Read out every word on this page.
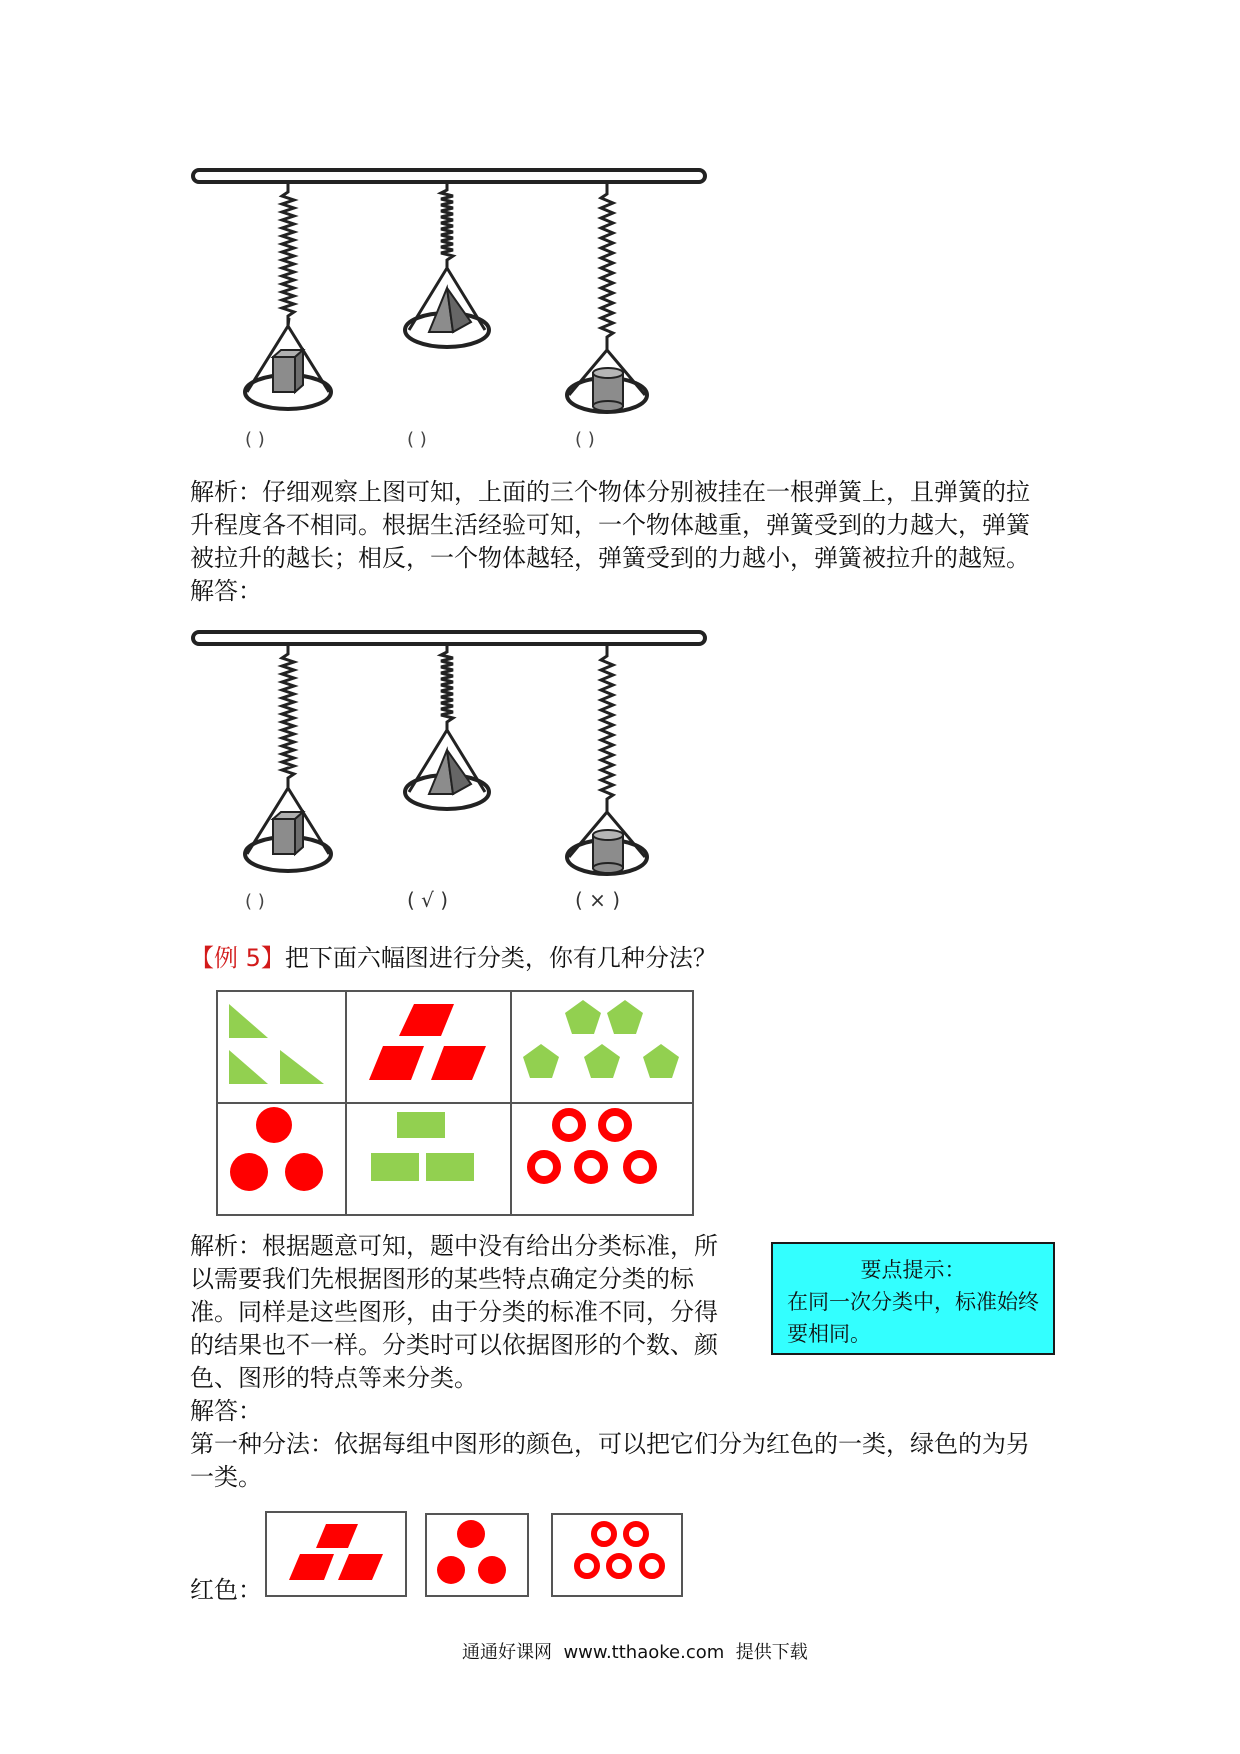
( )	( )	( )
解析：仔细观察上图可知，上面的三个物体分别被挂在一根弹簧上，且弹簧的拉
升程度各不相同。根据生活经验可知，一个物体越重，弹簧受到的力越大，弹簧
被拉升的越长；相反，一个物体越轻，弹簧受到的力越小，弹簧被拉升的越短。
解答：
( )	( √ )	( × )
【例 5】把下面六幅图进行分类，你有几种分法？
解析：根据题意可知，题中没有给出分类标准，所
以需要我们先根据图形的某些特点确定分类的标
准。同样是这些图形，由于分类的标准不同，分得
的结果也不一样。分类时可以依据图形的个数、颜
色、图形的特点等来分类。
解答：
第一种分法：依据每组中图形的颜色，可以把它们分为红色的一类，绿色的为另
一类。
要点提示：
在同一次分类中，标准始终要相同。
红色：
通通好课网  www.tthaoke.com  提供下载
